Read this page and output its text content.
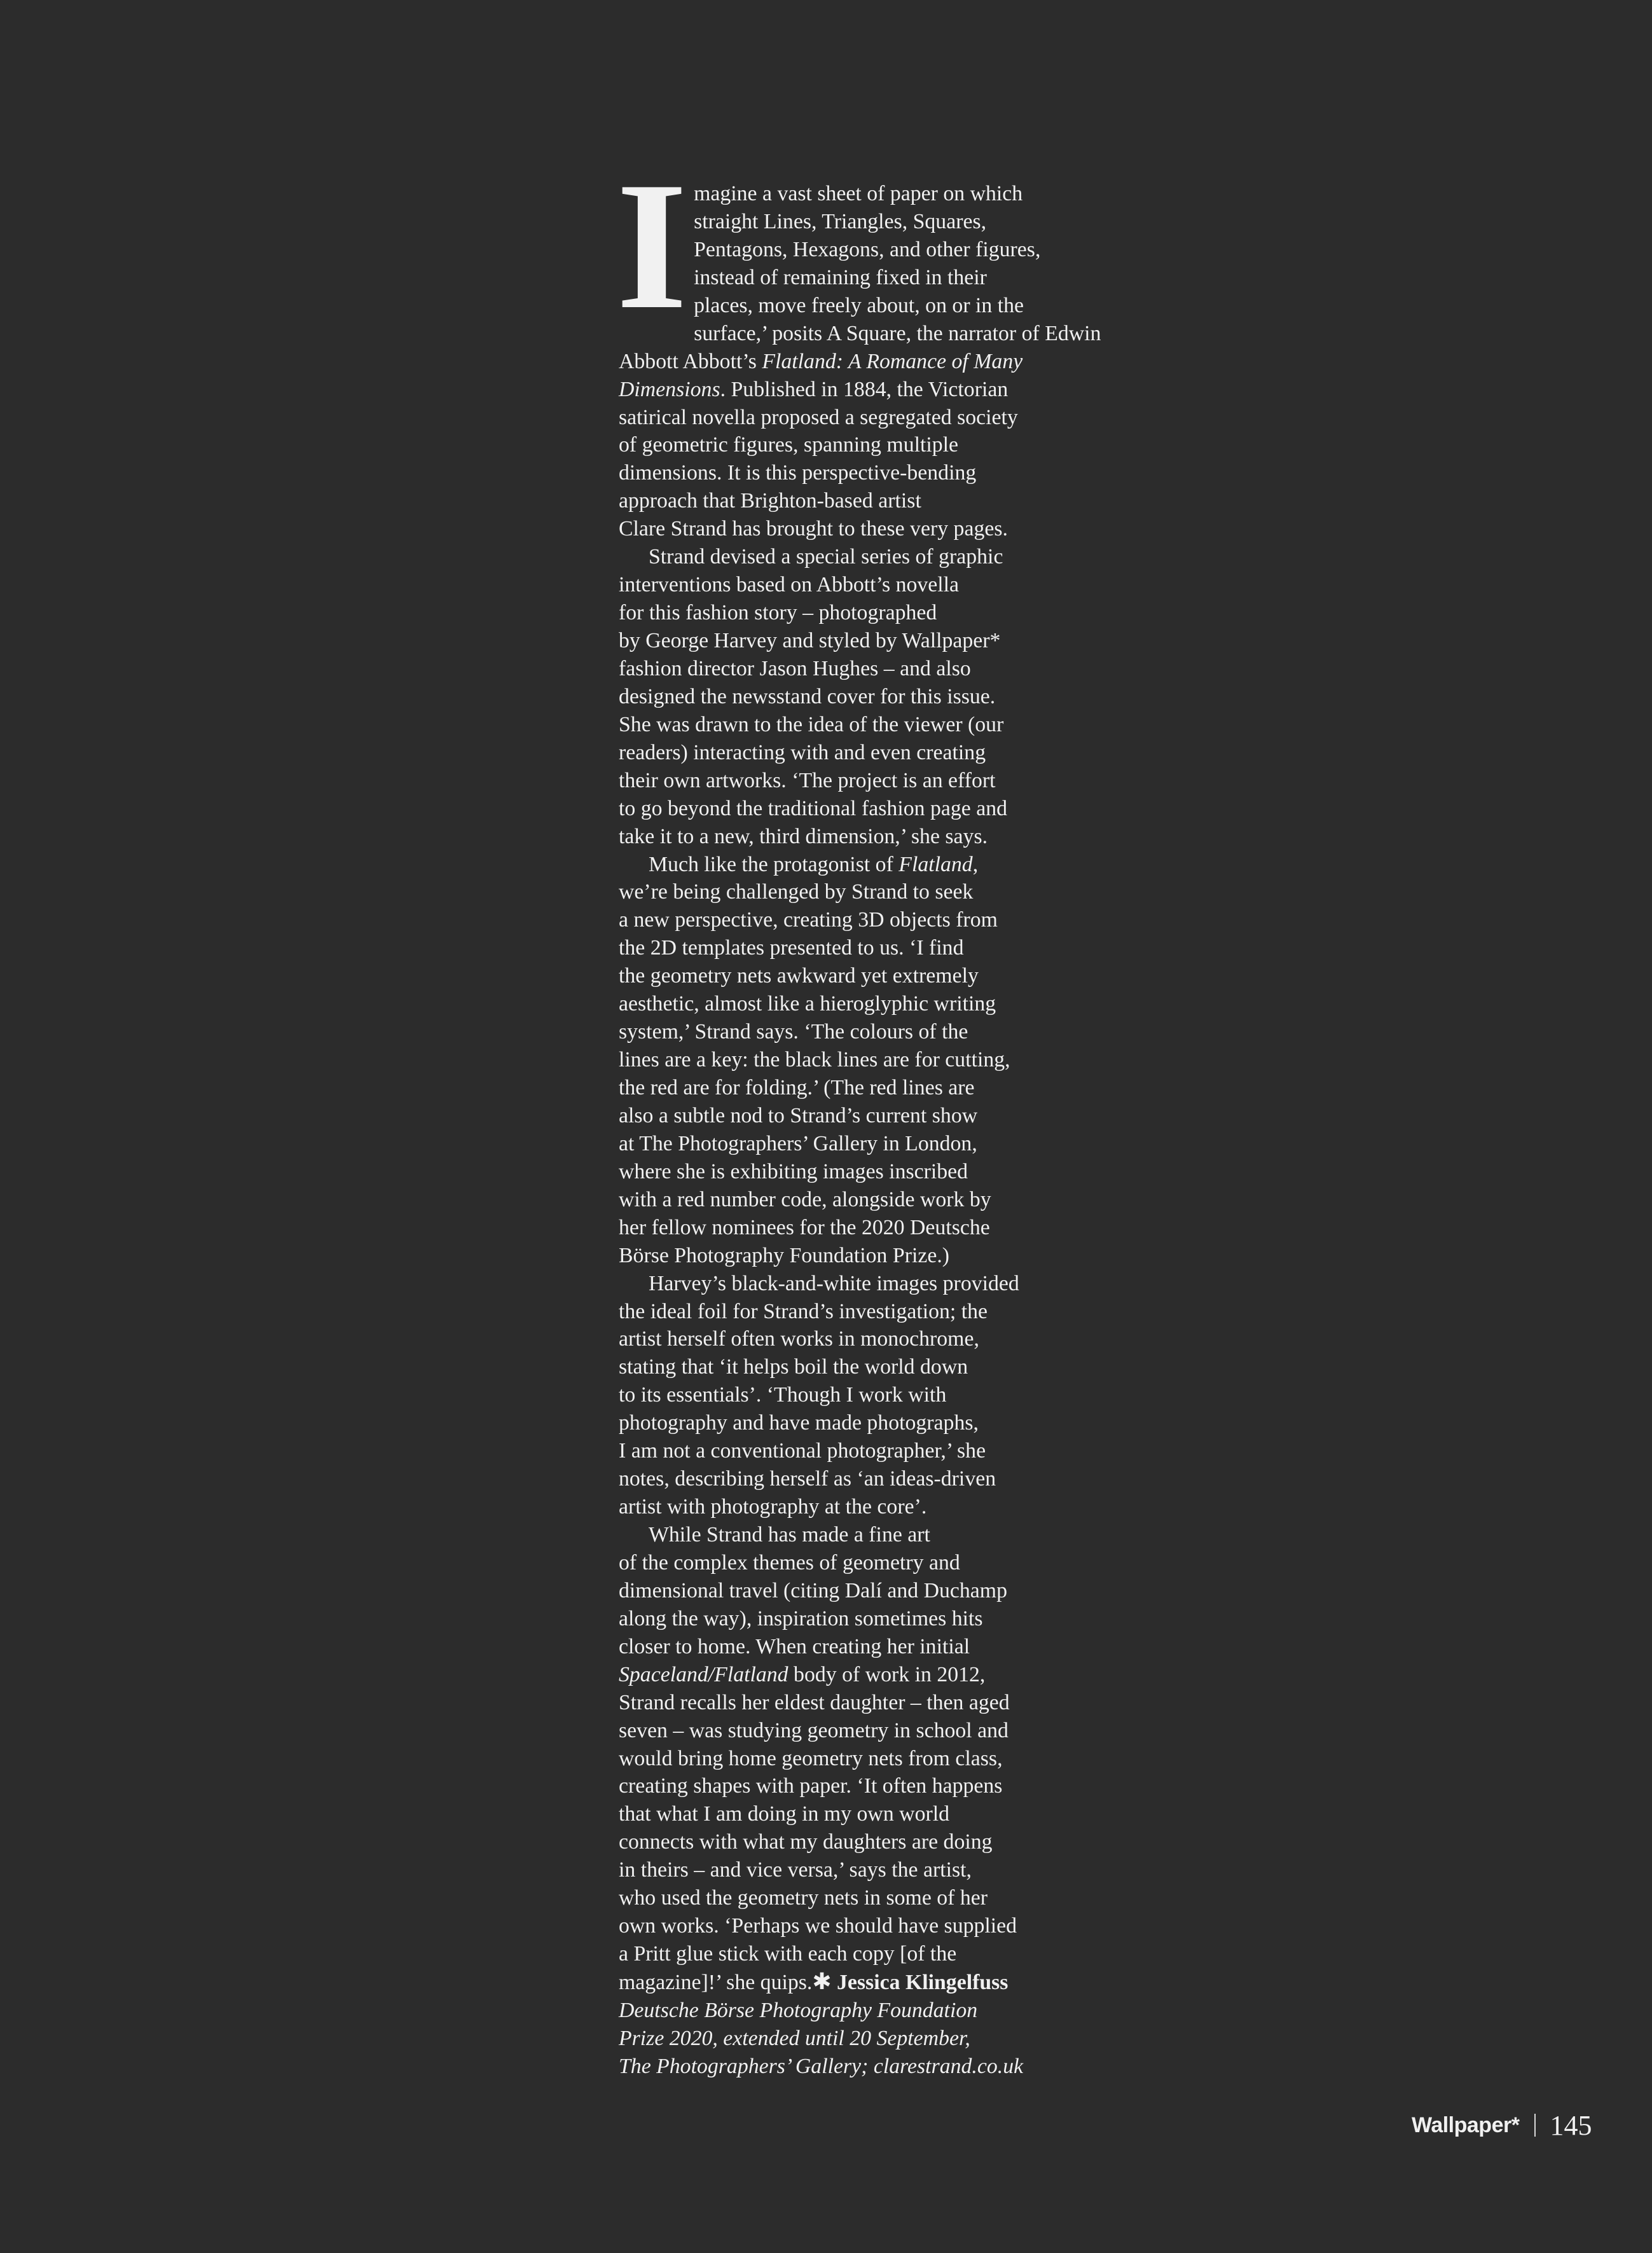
I magine a vast sheet of paper on which
straight Lines, Triangles, Squares,
Pentagons, Hexagons, and other figures,
instead of remaining fixed in their
places, move freely about, on or in the
surface,’ posits A Square, the narrator of Edwin
Abbott Abbott’s Flatland: A Romance of Many
Dimensions. Published in 1884, the Victorian
satirical novella proposed a segregated society
of geometric figures, spanning multiple
dimensions. It is this perspective-bending
approach that Brighton-based artist
Clare Strand has brought to these very pages.
Strand devised a special series of graphic
interventions based on Abbott’s novella
for this fashion story – photographed
by George Harvey and styled by Wallpaper*
fashion director Jason Hughes – and also
designed the newsstand cover for this issue.
She was drawn to the idea of the viewer (our
readers) interacting with and even creating
their own artworks. ‘The project is an effort
to go beyond the traditional fashion page and
take it to a new, third dimension,’ she says.
Much like the protagonist of Flatland,
we’re being challenged by Strand to seek
a new perspective, creating 3D objects from
the 2D templates presented to us. ‘I find
the geometry nets awkward yet extremely
aesthetic, almost like a hieroglyphic writing
system,’ Strand says. ‘The colours of the
lines are a key: the black lines are for cutting,
the red are for folding.’ (The red lines are
also a subtle nod to Strand’s current show
at The Photographers’ Gallery in London,
where she is exhibiting images inscribed
with a red number code, alongside work by
her fellow nominees for the 2020 Deutsche
Börse Photography Foundation Prize.)
Harvey’s black-and-white images provided
the ideal foil for Strand’s investigation; the
artist herself often works in monochrome,
stating that ‘it helps boil the world down
to its essentials’. ‘Though I work with
photography and have made photographs,
I am not a conventional photographer,’ she
notes, describing herself as ‘an ideas-driven
artist with photography at the core’.
While Strand has made a fine art
of the complex themes of geometry and
dimensional travel (citing Dalí and Duchamp
along the way), inspiration sometimes hits
closer to home. When creating her initial
Spaceland/Flatland body of work in 2012,
Strand recalls her eldest daughter – then aged
seven – was studying geometry in school and
would bring home geometry nets from class,
creating shapes with paper. ‘It often happens
that what I am doing in my own world
connects with what my daughters are doing
in theirs – and vice versa,’ says the artist,
who used the geometry nets in some of her
own works. ‘Perhaps we should have supplied
a Pritt glue stick with each copy [of the
magazine]!’ she quips.✱ Jessica Klingelfuss
Deutsche Börse Photography Foundation
Prize 2020, extended until 20 September,
The Photographers’ Gallery; clarestrand.co.uk
Wallpaper* 145
